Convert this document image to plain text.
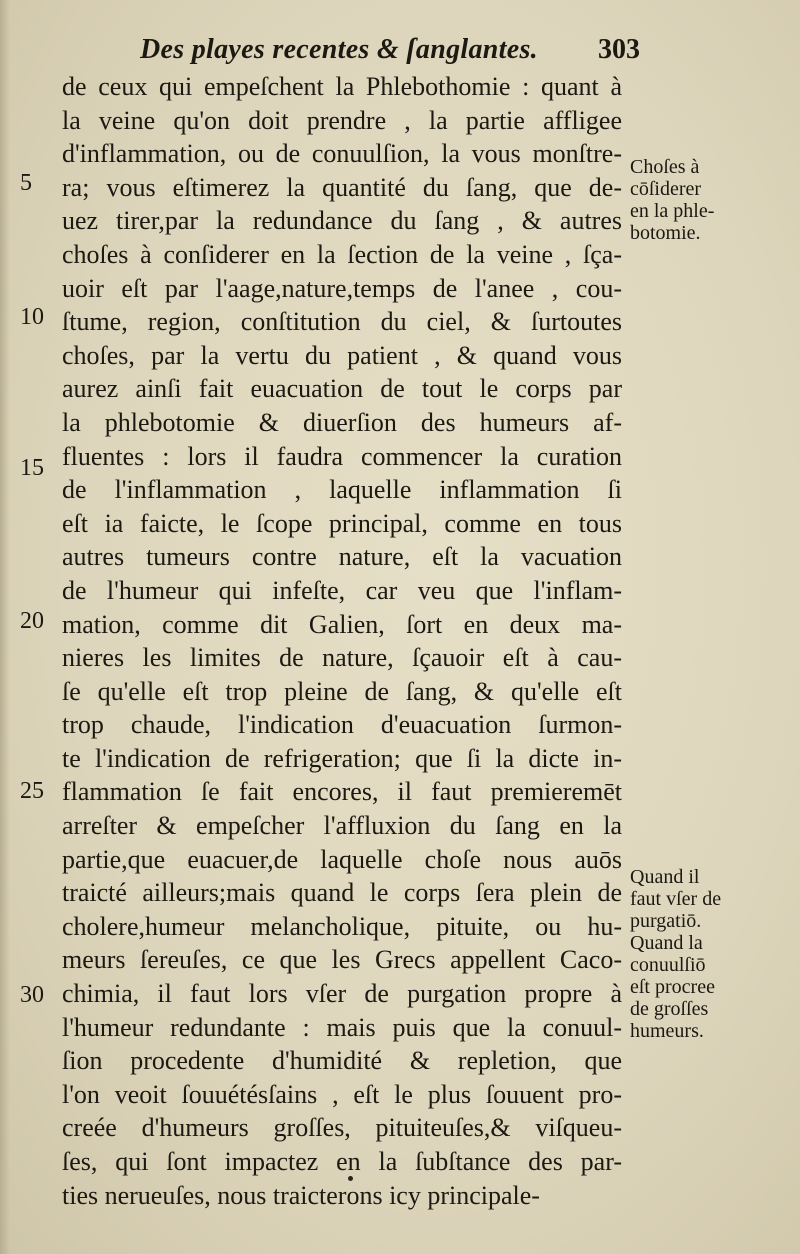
Des playes recentes & ſanglantes. 303
de ceux qui empeſchent la Phlebothomie : quant à
la veine qu'on doit prendre , la partie affligee
d'inflammation, ou de conuulſion, la vous monſtre-
ra; vous eſtimerez la quantité du ſang, que de-
uez tirer,par la redundance du ſang , & autres
choſes à conſiderer en la ſection de la veine , ſça-
uoir eſt par l'aage,nature,temps de l'anee , cou-
ſtume, region, conſtitution du ciel, & ſurtoutes
choſes, par la vertu du patient , & quand vous
aurez ainſi fait euacuation de tout le corps par
la phlebotomie & diuerſion des humeurs af-
fluentes : lors il faudra commencer la curation
de l'inflammation , laquelle inflammation ſi
eſt ia faicte, le ſcope principal, comme en tous
autres tumeurs contre nature, eſt la vacuation
de l'humeur qui infeſte, car veu que l'inflam-
mation, comme dit Galien, ſort en deux ma-
nieres les limites de nature, ſçauoir eſt à cau-
ſe qu'elle eſt trop pleine de ſang, & qu'elle eſt
trop chaude, l'indication d'euacuation ſurmon-
te l'indication de refrigeration; que ſi la dicte in-
flammation ſe fait encores, il faut premieremēt
arreſter & empeſcher l'affluxion du ſang en la
partie,que euacuer,de laquelle choſe nous auōs
traicté ailleurs;mais quand le corps ſera plein de
cholere,humeur melancholique, pituite, ou hu-
meurs ſereuſes, ce que les Grecs appellent Caco-
chimia, il faut lors vſer de purgation propre à
l'humeur redundante : mais puis que la conuul-
ſion procedente d'humidité & repletion, que
l'on veoit ſouuétésſains , eſt le plus ſouuent pro-
creée d'humeurs groſſes, pituiteuſes,& viſqueu-
ſes, qui ſont impactez en la ſubſtance des par-
ties nerueuſes, nous traicterons icy principale-
5
10
15
20
25
30
Choſes à
cōſiderer
en la phle-
botomie.
Quand il
faut vſer de
purgatiō.
Quand la
conuulſiō
eſt procree
de groſſes
humeurs.
